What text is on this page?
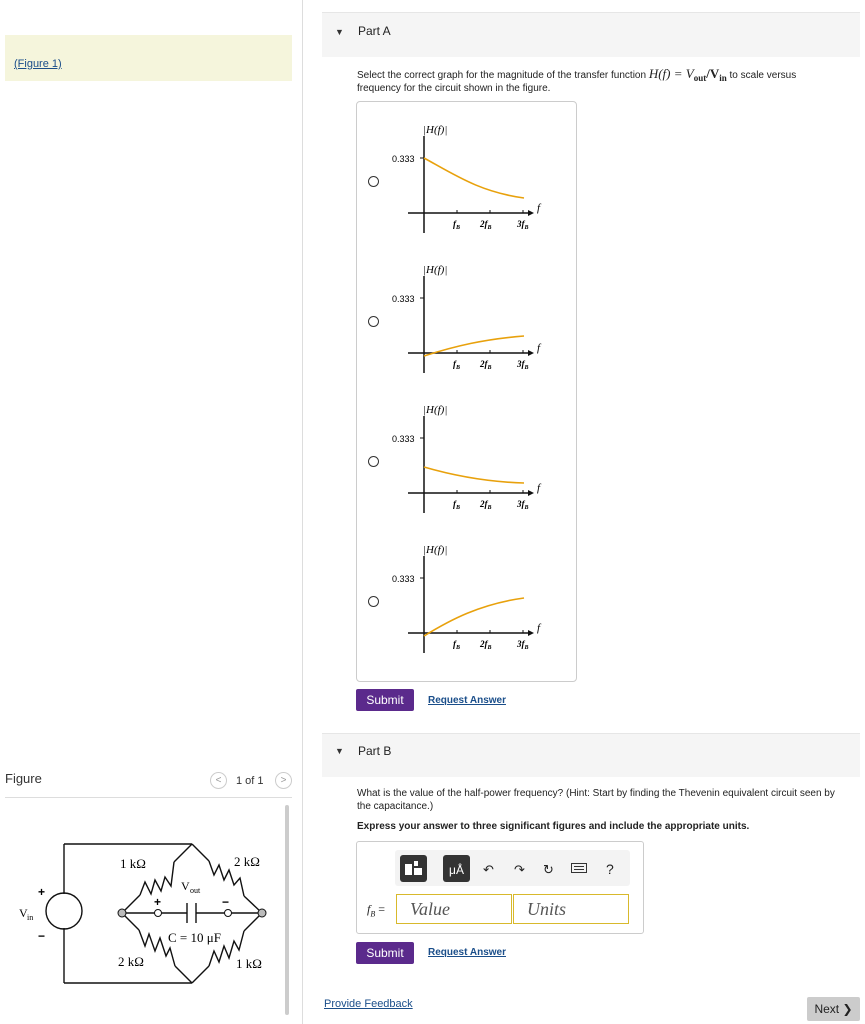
(Figure 1)
Figure	<	1 of 1	>
1 kΩ	2 kΩ
2 kΩ	1 kΩ
V out
+	−
C = 10 μF
V in
+
−
▼ Part A
Select the correct graph for the magnitude of the transfer function $H(f) = V_{out}/V_{in}$ to scale versus
frequency for the circuit shown in the figure.
|H(f)|
0.333
f
$f_B$ $2f_B$	$3f_B$
|H(f)|
0.333
f
$f_B$ $2f_B$	$3f_B$
|H(f)|
0.333
f
$f_B$ $2f_B$	$3f_B$
|H(f)|
0.333
f
$f_B$ $2f_B$	$3f_B$
Submit	Request Answer
▼ Part B
What is the value of the half-power frequency? (Hint: Start by finding the Thevenin equivalent circuit seen by
the capacitance.)
Express your answer to three significant figures and include the appropriate units.
μÅ	↶ ↷ ↻	?
$f_B$ =
Value
Units
Submit	Request Answer
Provide Feedback	Next ❯
